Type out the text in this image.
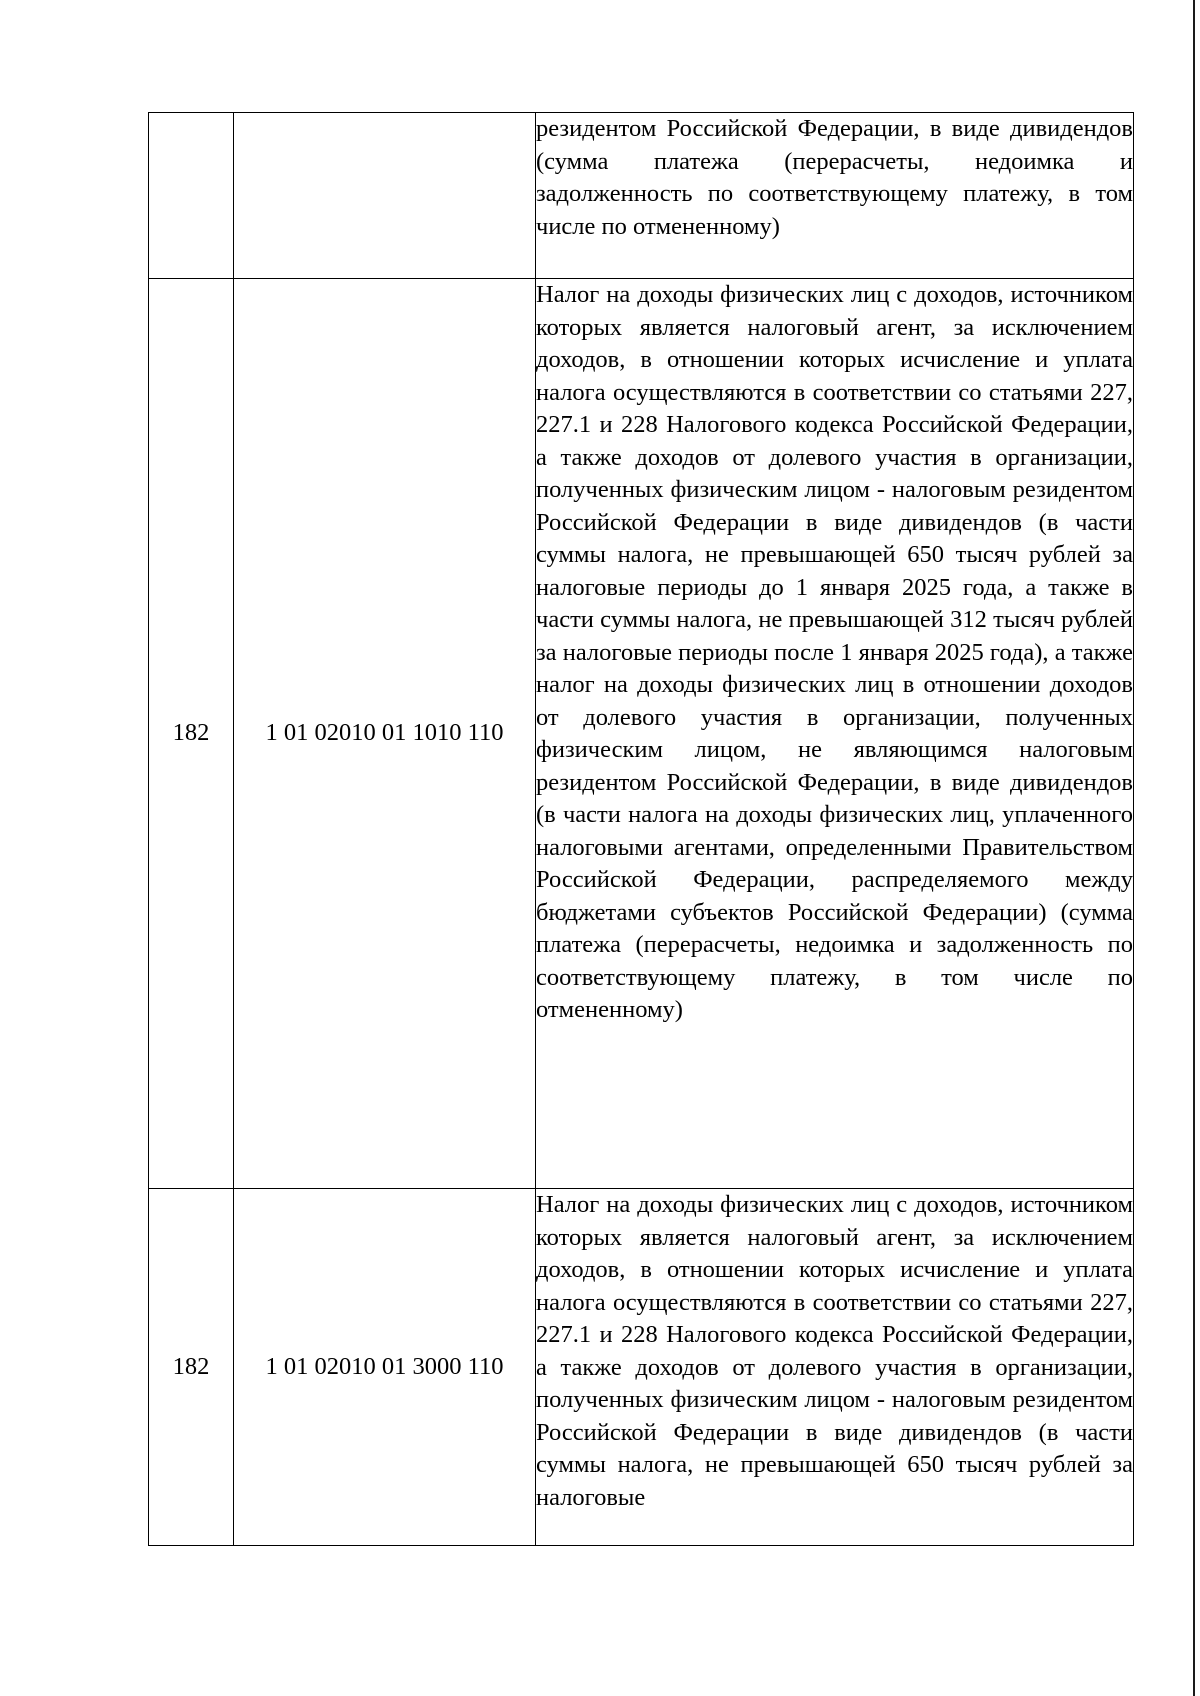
		резидентом Российской Федерации, в виде дивидендов (сумма платежа (перерасчеты, недоимка и задолженность по соответствующему платежу, в том числе по отмененному)
182	1 01 02010 01 1010 110	Налог на доходы физических лиц с доходов, источником которых является налоговый агент, за исключением доходов, в отношении которых исчисление и уплата налога осуществляются в соответствии со статьями 227, 227.1 и 228 Налогового кодекса Российской Федерации, а также доходов от долевого участия в организации, полученных физическим лицом - налоговым резидентом Российской Федерации в виде дивидендов (в части суммы налога, не превышающей 650 тысяч рублей за налоговые периоды до 1 января 2025 года, а также в части суммы налога, не превышающей 312 тысяч рублей за налоговые периоды после 1 января 2025 года), а также налог на доходы физических лиц в отношении доходов от долевого участия в организации, полученных физическим лицом, не являющимся налоговым резидентом Российской Федерации, в виде дивидендов (в части налога на доходы физических лиц, уплаченного налоговыми агентами, определенными Правительством Российской Федерации, распределяемого между бюджетами субъектов Российской Федерации) (сумма платежа (перерасчеты, недоимка и задолженность по соответствующему платежу, в том числе по отмененному)
182	1 01 02010 01 3000 110	Налог на доходы физических лиц с доходов, источником которых является налоговый агент, за исключением доходов, в отношении которых исчисление и уплата налога осуществляются в соответствии со статьями 227, 227.1 и 228 Налогового кодекса Российской Федерации, а также доходов от долевого участия в организации, полученных физическим лицом - налоговым резидентом Российской Федерации в виде дивидендов (в части суммы налога, не превышающей 650 тысяч рублей за налоговые
